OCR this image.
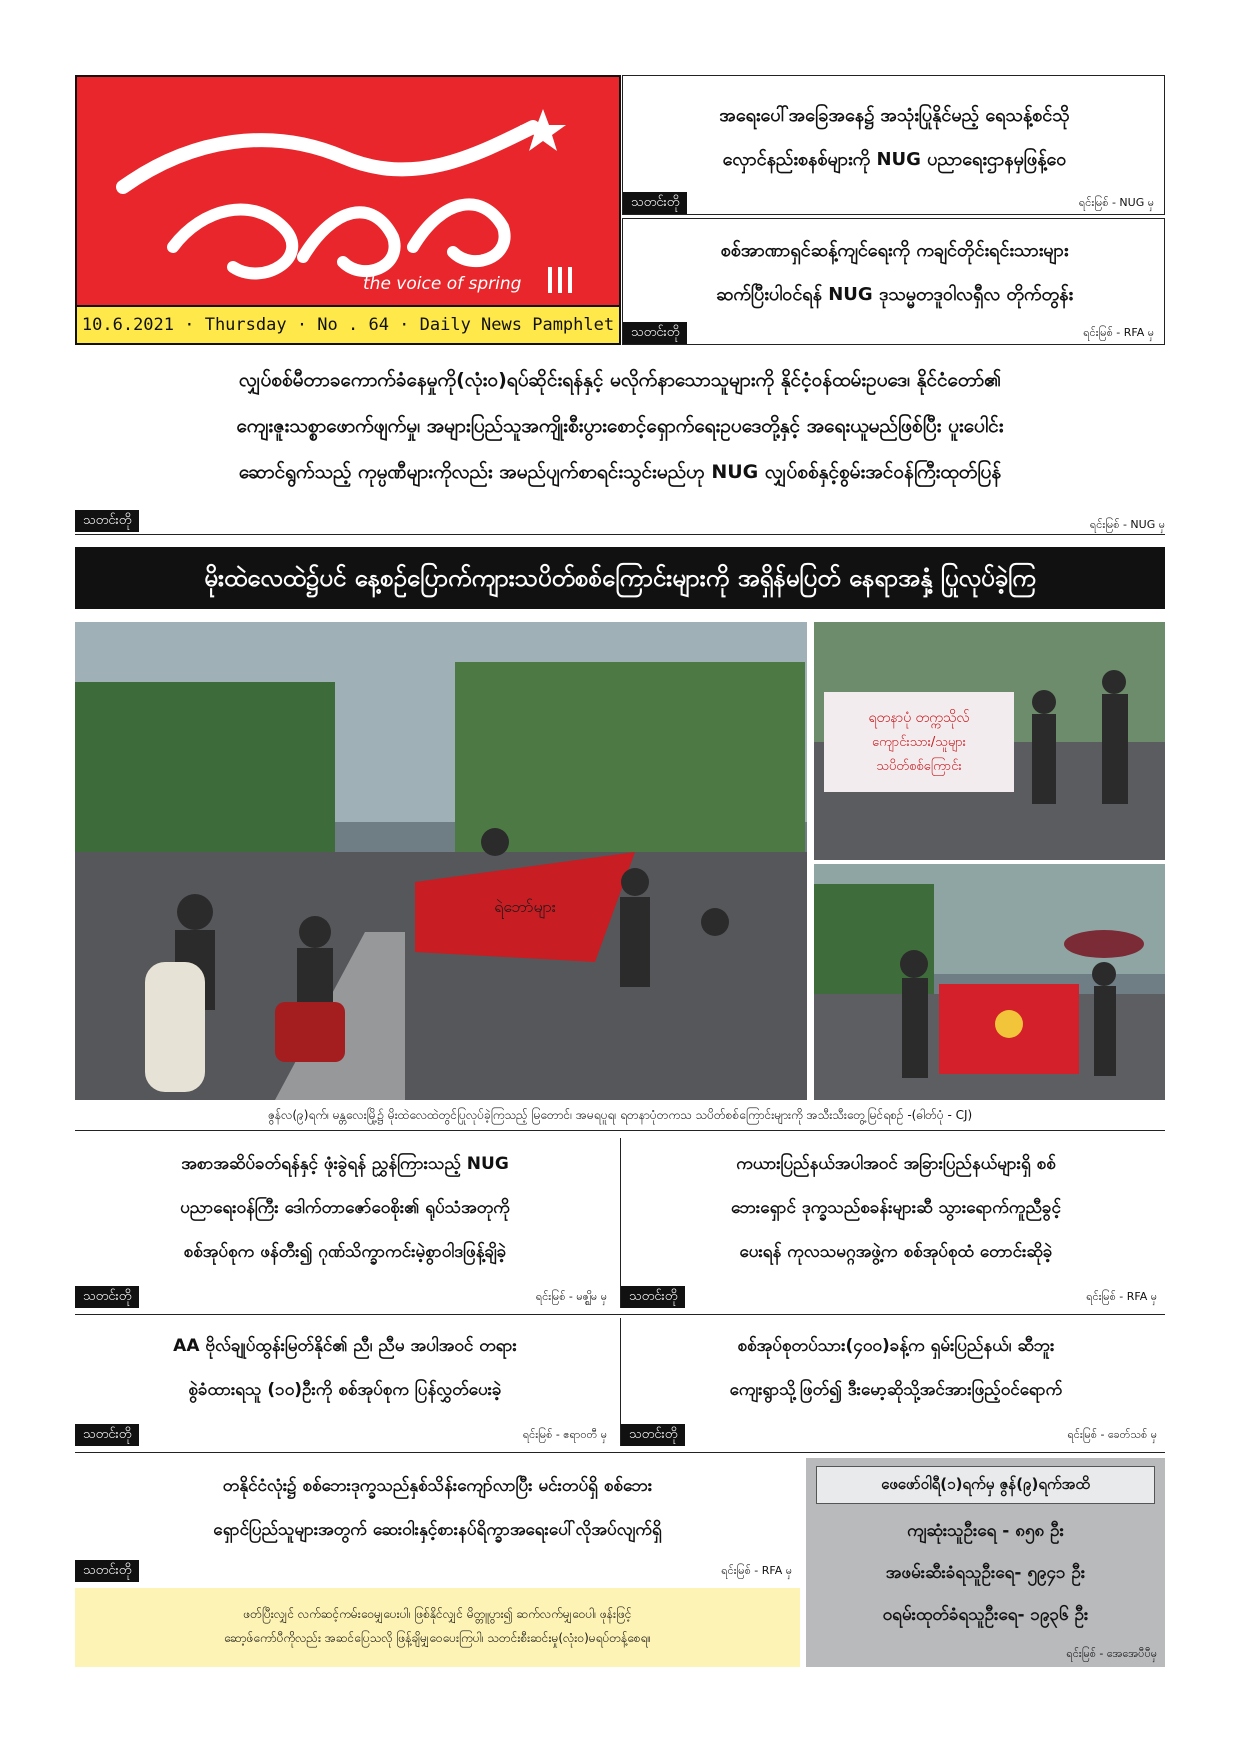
the voice of spring
10.6.2021 · Thursday · No . 64 · Daily News Pamphlet
အရေးပေါ်အခြေအနေ၌ အသုံးပြုနိုင်မည့် ရေသန့်စင်သို
လှောင်နည်းစနစ်များကို NUG ပညာရေးဌာနမှဖြန့်ဝေ
သတင်းတို	ရင်းမြစ် - NUG မှ
စစ်အာဏာရှင်ဆန့်ကျင်ရေးကို ကချင်တိုင်းရင်းသားများ
ဆက်ပြီးပါဝင်ရန် NUG ဒုသမ္မတဒူဝါလရှီလ တိုက်တွန်း
သတင်းတို	ရင်းမြစ် - RFA မှ
လျှပ်စစ်မီတာခကောက်ခံနေမှုကို(လုံးဝ)ရပ်ဆိုင်းရန်နှင့် မလိုက်နာသောသူများကို နိုင်ငံ့ဝန်ထမ်းဥပဒေ၊ နိုင်ငံတော်၏
ကျေးဇူးသစ္စာဖောက်ဖျက်မှု၊ အများပြည်သူအကျိုးစီးပွားစောင့်ရှောက်ရေးဥပဒေတို့နှင့် အရေးယူမည်ဖြစ်ပြီး ပူးပေါင်း
ဆောင်ရွက်သည့် ကုမ္ပဏီများကိုလည်း အမည်ပျက်စာရင်းသွင်းမည်ဟု NUG လျှပ်စစ်နှင့်စွမ်းအင်ဝန်ကြီးထုတ်ပြန်
သတင်းတို	ရင်းမြစ် - NUG မှ
မိုးထဲလေထဲ၌ပင် နေ့စဉ်ပြောက်ကျားသပိတ်စစ်ကြောင်းများကို အရှိန်မပြတ် နေရာအနှံ့ ပြုလုပ်ခဲ့ကြ
ရဲဘော်များ
ရတနာပုံ တက္ကသိုလ်
ကျောင်းသား/သူများ
သပိတ်စစ်ကြောင်း
ဇွန်လ(၉)ရက်၊ မန္တလေးမြို့၌ မိုးထဲလေထဲတွင်ပြုလုပ်ခဲ့ကြသည့် မြတောင်၊ အမရပူရ၊ ရတနာပုံတကသ သပိတ်စစ်ကြောင်းများကို အသီးသီးတွေ့မြင်ရစဉ် -(ဓါတ်ပုံ - CJ)
အစာအဆိပ်ခတ်ရန်နှင့် ဖုံးခွဲရန် ညွှန်ကြားသည့် NUG
ပညာရေးဝန်ကြီး ဒေါက်တာဇော်ဝေစိုး၏ ရုပ်သံအတုကို
စစ်အုပ်စုက ဖန်တီး၍ ဂုဏ်သိက္ခာကင်းမဲ့စွာဝါဒဖြန့်ချိခဲ့
သတင်းတို	ရင်းမြစ် - မဇ္ဈိမ မှ
ကယားပြည်နယ်အပါအဝင် အခြားပြည်နယ်များရှိ စစ်
ဘေးရှောင် ဒုက္ခသည်စခန်းများဆီ သွားရောက်ကူညီခွင့်
ပေးရန် ကုလသမဂ္ဂအဖွဲ့က စစ်အုပ်စုထံ တောင်းဆိုခဲ့
သတင်းတို	ရင်းမြစ် - RFA မှ
AA ဗိုလ်ချုပ်ထွန်းမြတ်နိုင်၏ ညီ၊ ညီမ အပါအဝင် တရား
စွဲခံထားရသူ (၁၀)ဦးကို စစ်အုပ်စုက ပြန်လွှတ်ပေးခဲ့
သတင်းတို	ရင်းမြစ် - ဧရာဝတီ မှ
စစ်အုပ်စုတပ်သား(၄၀၀)ခန့်က ရှမ်းပြည်နယ်၊ ဆီဘူး
ကျေးရွာသို့ဖြတ်၍ ဒီးမော့ဆိုသို့အင်အားဖြည့်ဝင်ရောက်
သတင်းတို	ရင်းမြစ် - ခေတ်သစ် မှ
တနိုင်ငံလုံး၌ စစ်ဘေးဒုက္ခသည်နှစ်သိန်းကျော်လာပြီး မင်းတပ်ရှိ စစ်ဘေး
ရှောင်ပြည်သူများအတွက် ဆေးဝါးနှင့်စားနပ်ရိက္ခာအရေးပေါ်လိုအပ်လျက်ရှိ
သတင်းတို	ရင်းမြစ် - RFA မှ
ဖတ်ပြီးလျှင် လက်ဆင့်ကမ်းဝေမျှပေးပါ၊ ဖြစ်နိုင်လျှင် မိတ္တူပွား၍ ဆက်လက်မျှဝေပါ၊ ဖုန်းဖြင့်
ဆော့ဖ်ကော်ပီကိုလည်း အဆင်ပြေသလို ဖြန့်ချိမျှဝေပေးကြပါ၊ သတင်းစီးဆင်းမှု(လုံးဝ)မရပ်တန့်စေရ။
ဖေဖော်ဝါရီ(၁)ရက်မှ ဇွန်(၉)ရက်အထိ
ကျဆုံးသူဦးရေ - ၈၅၈ ဦး
အဖမ်းဆီးခံရသူဦးရေ- ၅၉၄၁ ဦး
ဝရမ်းထုတ်ခံရသူဦးရေ- ၁၉၃၆ ဦး
ရင်းမြစ် - အေအေပီပီမှ
